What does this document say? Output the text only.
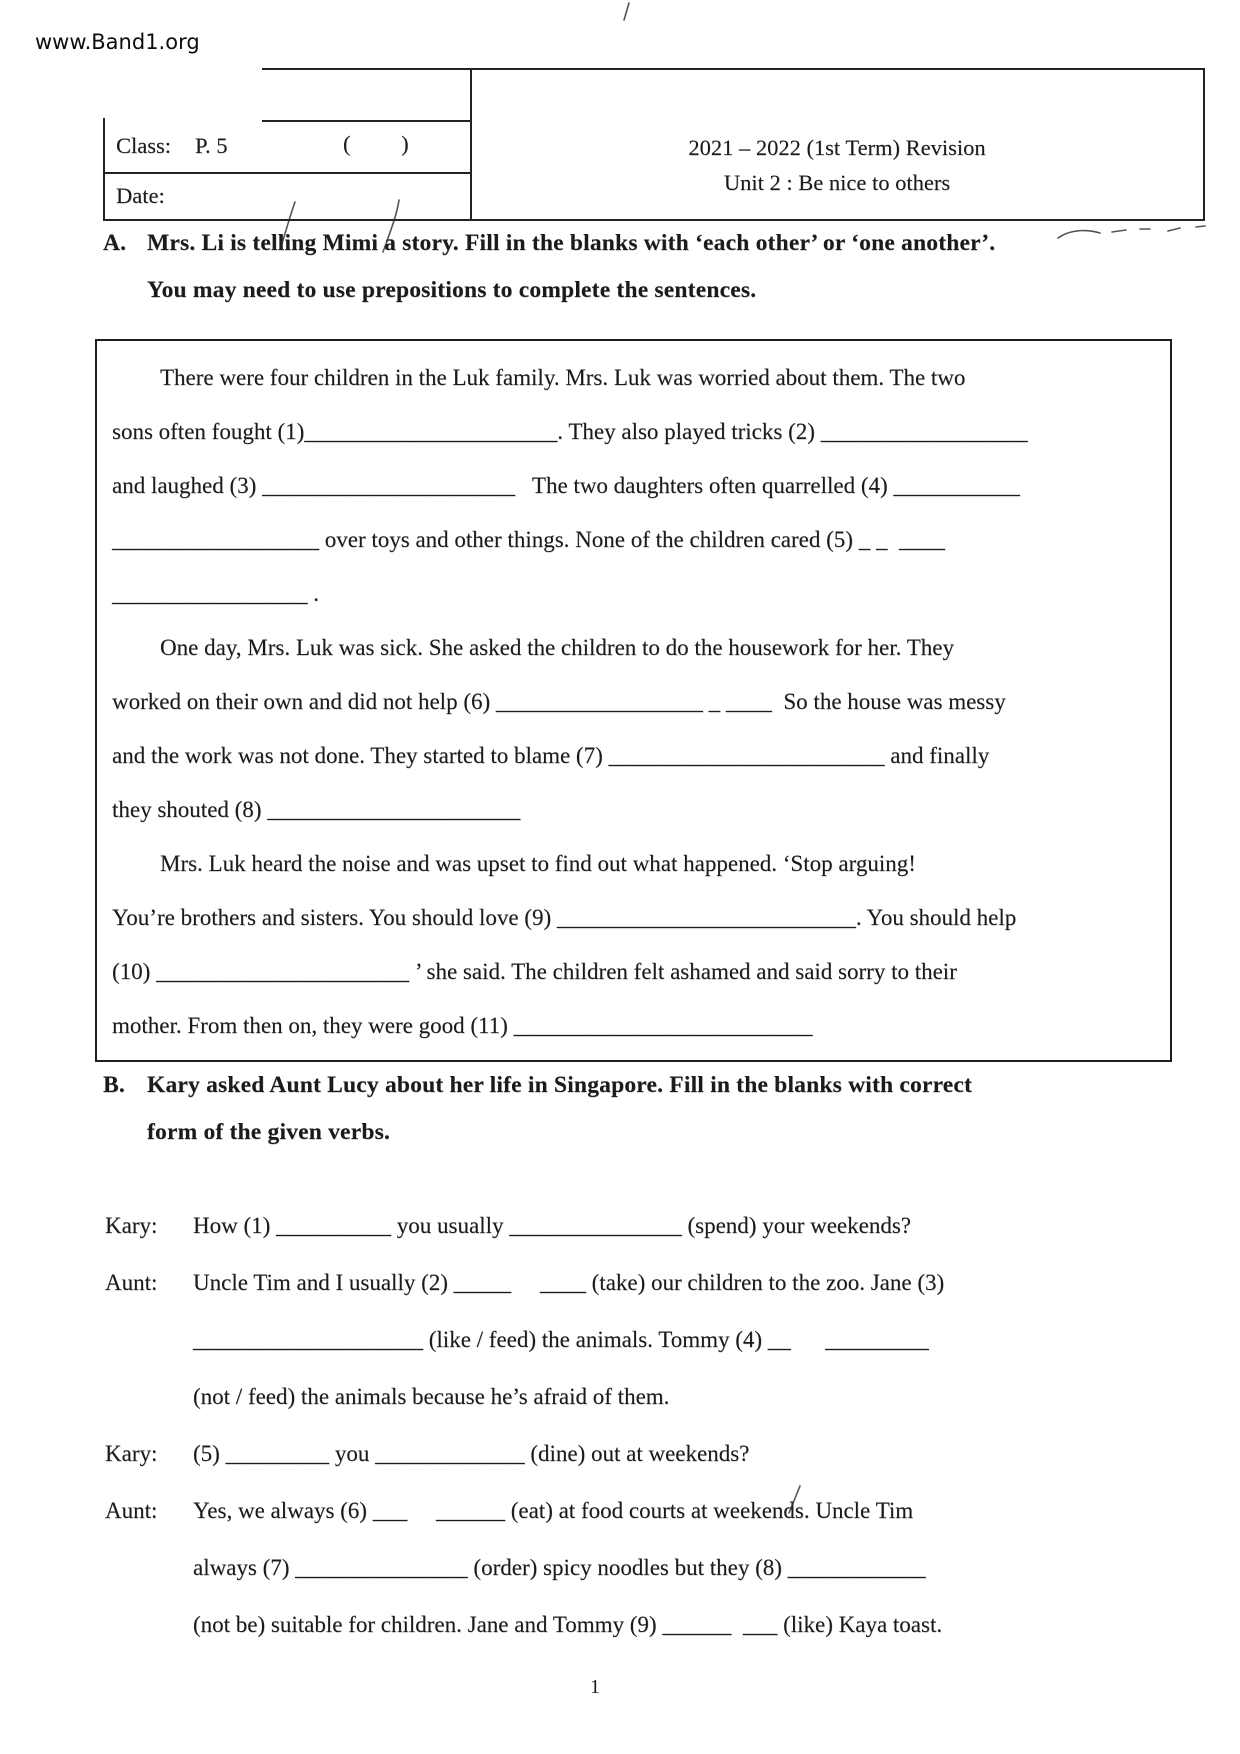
www.Band1.org
Class: P. 5	(         )
Date:
2021 – 2022 (1st Term) Revision
Unit 2 : Be nice to others
A. Mrs. Li is telling Mimi a story. Fill in the blanks with ‘each other’ or ‘one another’.
You may need to use prepositions to complete the sentences.
There were four children in the Luk family. Mrs. Luk was worried about them. The two
sons often fought (1)______________________. They also played tricks (2) __________________
and laughed (3) ______________________   The two daughters often quarrelled (4) ___________
__________________ over toys and other things. None of the children cared (5) _ _  ____
_________________ .
One day, Mrs. Luk was sick. She asked the children to do the housework for her. They
worked on their own and did not help (6) __________________ _ ____  So the house was messy
and the work was not done. They started to blame (7) ________________________ and finally
they shouted (8) ______________________
Mrs. Luk heard the noise and was upset to find out what happened. ‘Stop arguing!
You’re brothers and sisters. You should love (9) __________________________. You should help
(10) ______________________ ’ she said. The children felt ashamed and said sorry to their
mother. From then on, they were good (11) __________________________
B. Kary asked Aunt Lucy about her life in Singapore. Fill in the blanks with correct
form of the given verbs.
Kary:	How (1) __________ you usually _______________ (spend) your weekends?
Aunt:	Uncle Tim and I usually (2) _____     ____ (take) our children to the zoo. Jane (3)
____________________ (like / feed) the animals. Tommy (4) __      _________
(not / feed) the animals because he’s afraid of them.
Kary:	(5) _________ you _____________ (dine) out at weekends?
Aunt:	Yes, we always (6) ___     ______ (eat) at food courts at weekends. Uncle Tim
always (7) _______________ (order) spicy noodles but they (8) ____________
(not be) suitable for children. Jane and Tommy (9) ______  ___ (like) Kaya toast.
1
